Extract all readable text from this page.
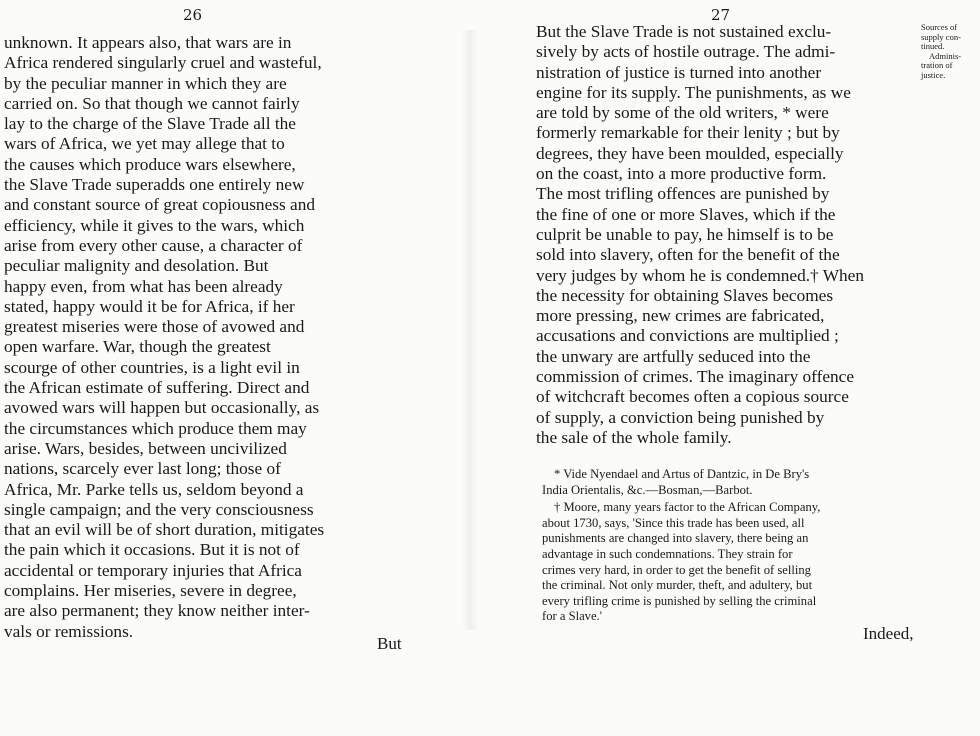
26
unknown. It appears also, that wars are in
Africa rendered singularly cruel and wasteful,
by the peculiar manner in which they are
carried on. So that though we cannot fairly
lay to the charge of the Slave Trade all the
wars of Africa, we yet may allege that to
the causes which produce wars elsewhere,
the Slave Trade superadds one entirely new
and constant source of great copiousness and
efficiency, while it gives to the wars, which
arise from every other cause, a character of
peculiar malignity and desolation. But
happy even, from what has been already
stated, happy would it be for Africa, if her
greatest miseries were those of avowed and
open warfare. War, though the greatest
scourge of other countries, is a light evil in
the African estimate of suffering. Direct and
avowed wars will happen but occasionally, as
the circumstances which produce them may
arise. Wars, besides, between uncivilized
nations, scarcely ever last long; those of
Africa, Mr. Parke tells us, seldom beyond a
single campaign; and the very consciousness
that an evil will be of short duration, mitigates
the pain which it occasions. But it is not of
accidental or temporary injuries that Africa
complains. Her miseries, severe in degree,
are also permanent; they know neither inter-
vals or remissions.
But
27
But the Slave Trade is not sustained exclu-
sively by acts of hostile outrage. The admi-
nistration of justice is turned into another
engine for its supply. The punishments, as we
are told by some of the old writers, * were
formerly remarkable for their lenity ; but by
degrees, they have been moulded, especially
on the coast, into a more productive form.
The most trifling offences are punished by
the fine of one or more Slaves, which if the
culprit be unable to pay, he himself is to be
sold into slavery, often for the benefit of the
very judges by whom he is condemned.† When
the necessity for obtaining Slaves becomes
more pressing, new crimes are fabricated,
accusations and convictions are multiplied ;
the unwary are artfully seduced into the
commission of crimes. The imaginary offence
of witchcraft becomes often a copious source
of supply, a conviction being punished by
the sale of the whole family.
Sources of
supply con-
tinued.
Adminis-
tration of
justice.
* Vide Nyendael and Artus of Dantzic, in De Bry's
India Orientalis, &c.—Bosman,—Barbot.
† Moore, many years factor to the African Company,
about 1730, says, 'Since this trade has been used, all
punishments are changed into slavery, there being an
advantage in such condemnations. They strain for
crimes very hard, in order to get the benefit of selling
the criminal. Not only murder, theft, and adultery, but
every trifling crime is punished by selling the criminal
for a Slave.'
Indeed,
